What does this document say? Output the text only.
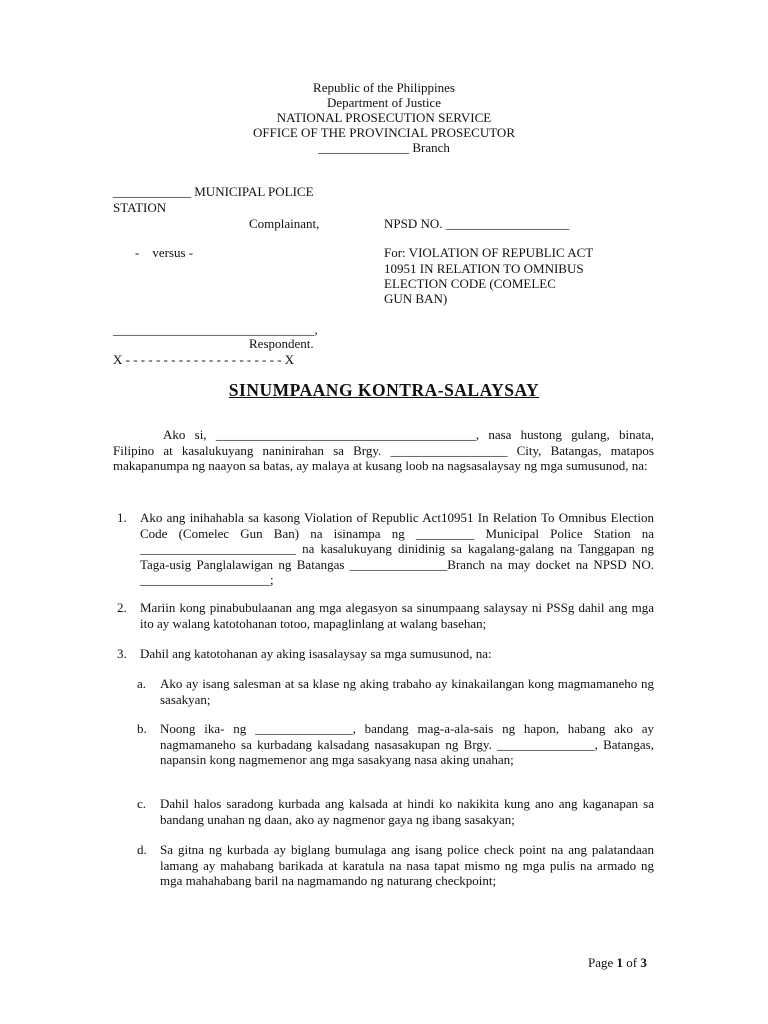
Republic of the Philippines
Department of Justice
NATIONAL PROSECUTION SERVICE
OFFICE OF THE PROVINCIAL PROSECUTOR
______________ Branch
____________ MUNICIPAL POLICE
STATION
Complainant,	NPSD NO. ___________________
-    versus -	For: VIOLATION OF REPUBLIC ACT
10951 IN RELATION TO OMNIBUS
ELECTION CODE (COMELEC
GUN BAN)
_______________________________,
Respondent.
X - - - - - - - - - - - - - - - - - - - - - X
SINUMPAANG KONTRA-SALAYSAY
Ako si, ________________________________________, nasa hustong gulang, binata, Filipino at kasalukuyang naninirahan sa Brgy. __________________ City, Batangas, matapos makapanumpa ng naayon sa batas, ay malaya at kusang loob na nagsasalaysay ng mga sumusunod, na:
1. Ako ang inihahabla sa kasong Violation of Republic Act10951 In Relation To Omnibus Election Code (Comelec Gun Ban) na isinampa ng _________ Municipal Police Station na ________________________ na kasalukuyang dinidinig sa kagalang-galang na Tanggapan ng Taga-usig Panglalawigan ng Batangas _______________Branch na may docket na NPSD NO. ____________________;
2. Mariin kong pinabubulaanan ang mga alegasyon sa sinumpaang salaysay ni PSSg dahil ang mga ito ay walang katotohanan totoo, mapaglinlang at walang basehan;
3. Dahil ang katotohanan ay aking isasalaysay sa mga sumusunod, na:
a. Ako ay isang salesman at sa klase ng aking trabaho ay kinakailangan kong magmamaneho ng sasakyan;
b. Noong ika- ng _______________, bandang mag-a-ala-sais ng hapon, habang ako ay nagmamaneho sa kurbadang kalsadang nasasakupan ng Brgy. _______________, Batangas, napansin kong nagmemenor ang mga sasakyang nasa aking unahan;
c. Dahil halos saradong kurbada ang kalsada at hindi ko nakikita kung ano ang kaganapan sa bandang unahan ng daan, ako ay nagmenor gaya ng ibang sasakyan;
d. Sa gitna ng kurbada ay biglang bumulaga ang isang police check point na ang palatandaan lamang ay mahabang barikada at karatula na nasa tapat mismo ng mga pulis na armado ng mga mahahabang baril na nagmamando ng naturang checkpoint;
Page 1 of 3
